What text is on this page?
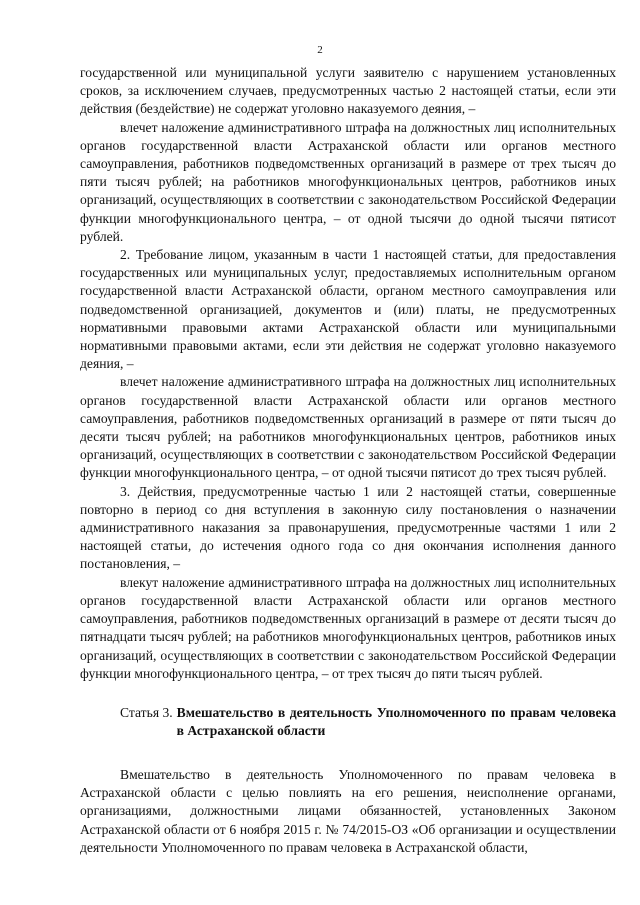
2

государственной или муниципальной услуги заявителю с нарушением установленных сроков, за исключением случаев, предусмотренных частью 2 настоящей статьи, если эти действия (бездействие) не содержат уголовно наказуемого деяния, –

влечет наложение административного штрафа на должностных лиц исполнительных органов государственной власти Астраханской области или органов местного самоуправления, работников подведомственных организаций в размере от трех тысяч до пяти тысяч рублей; на работников многофункциональных центров, работников иных организаций, осуществляющих в соответствии с законодательством Российской Федерации функции многофункционального центра, – от одной тысячи до одной тысячи пятисот рублей.

2. Требование лицом, указанным в части 1 настоящей статьи, для предоставления государственных или муниципальных услуг, предоставляемых исполнительным органом государственной власти Астраханской области, органом местного самоуправления или подведомственной организацией, документов и (или) платы, не предусмотренных нормативными правовыми актами Астраханской области или муниципальными нормативными правовыми актами, если эти действия не содержат уголовно наказуемого деяния, –

влечет наложение административного штрафа на должностных лиц исполнительных органов государственной власти Астраханской области или органов местного самоуправления, работников подведомственных организаций в размере от пяти тысяч до десяти тысяч рублей; на работников многофункциональных центров, работников иных организаций, осуществляющих в соответствии с законодательством Российской Федерации функции многофункционального центра, – от одной тысячи пятисот до трех тысяч рублей.

3. Действия, предусмотренные частью 1 или 2 настоящей статьи, совершенные повторно в период со дня вступления в законную силу постановления о назначении административного наказания за правонарушения, предусмотренные частями 1 или 2 настоящей статьи, до истечения одного года со дня окончания исполнения данного постановления, –

влекут наложение административного штрафа на должностных лиц исполнительных органов государственной власти Астраханской области или органов местного самоуправления, работников подведомственных организаций в размере от десяти тысяч до пятнадцати тысяч рублей; на работников многофункциональных центров, работников иных организаций, осуществляющих в соответствии с законодательством Российской Федерации функции многофункционального центра, – от трех тысяч до пяти тысяч рублей.

Статья 3. Вмешательство в деятельность Уполномоченного по правам человека в Астраханской области

Вмешательство в деятельность Уполномоченного по правам человека в Астраханской области с целью повлиять на его решения, неисполнение органами, организациями, должностными лицами обязанностей, установленных Законом Астраханской области от 6 ноября 2015 г. № 74/2015-ОЗ «Об организации и осуществлении деятельности Уполномоченного по правам человека в Астраханской области,
